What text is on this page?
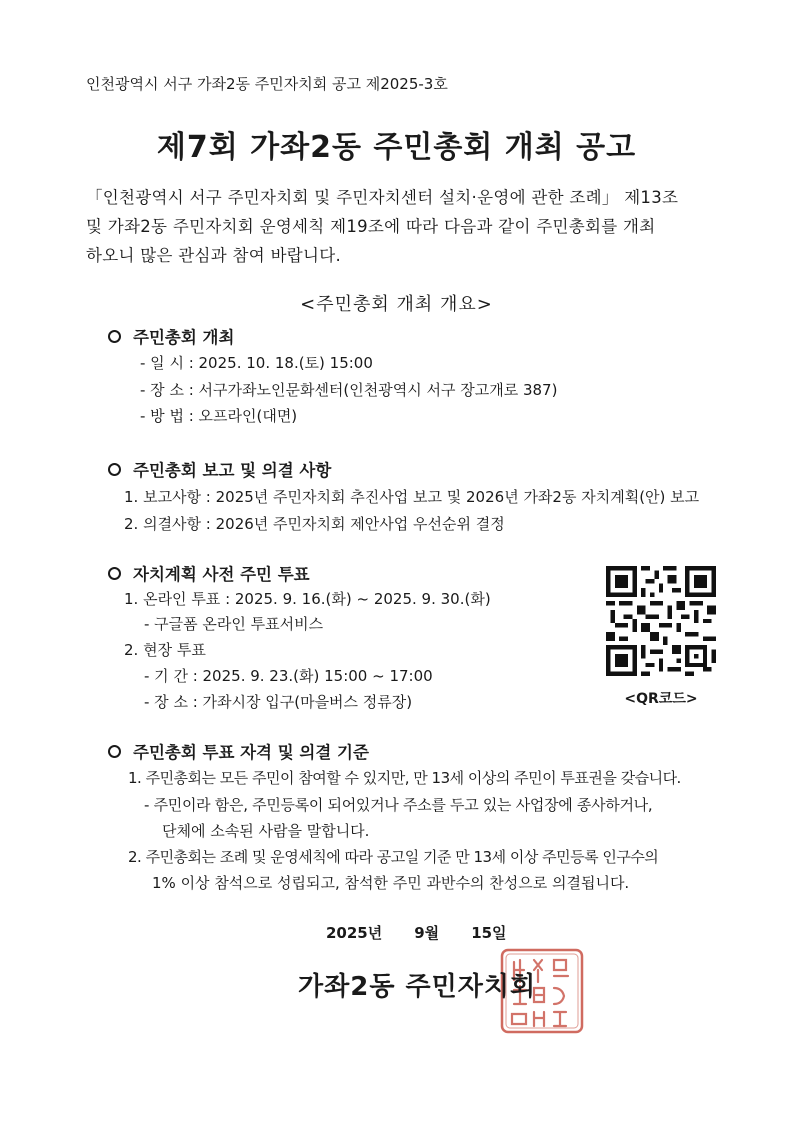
인천광역시 서구 가좌2동 주민자치회 공고 제2025-3호
제7회 가좌2동 주민총회 개최 공고
「인천광역시 서구 주민자치회 및 주민자치센터 설치·운영에 관한 조례」 제13조
및 가좌2동 주민자치회 운영세칙 제19조에 따라 다음과 같이 주민총회를 개최
하오니 많은 관심과 참여 바랍니다.
<주민총회 개최 개요>
주민총회 개최
- 일 시 : 2025. 10. 18.(토) 15:00
- 장 소 : 서구가좌노인문화센터(인천광역시 서구 장고개로 387)
- 방 법 : 오프라인(대면)
주민총회 보고 및 의결 사항
1. 보고사항 : 2025년 주민자치회 추진사업 보고 및 2026년 가좌2동 자치계획(안) 보고
2. 의결사항 : 2026년 주민자치회 제안사업 우선순위 결정
자치계획 사전 주민 투표
1. 온라인 투표 : 2025. 9. 16.(화) ~ 2025. 9. 30.(화)
- 구글폼 온라인 투표서비스
2. 현장 투표
- 기 간 : 2025. 9. 23.(화) 15:00 ~ 17:00
- 장 소 : 가좌시장 입구(마을버스 정류장)	<QR코드>
주민총회 투표 자격 및 의결 기준
1. 주민총회는 모든 주민이 참여할 수 있지만, 만 13세 이상의 주민이 투표권을 갖습니다.
- 주민이라 함은, 주민등록이 되어있거나 주소를 두고 있는 사업장에 종사하거나,
단체에 소속된 사람을 말합니다.
2. 주민총회는 조례 및 운영세칙에 따라 공고일 기준 만 13세 이상 주민등록 인구수의
1% 이상 참석으로 성립되고, 참석한 주민 과반수의 찬성으로 의결됩니다.
2025년 9월 15일
가좌2동 주민자치회
